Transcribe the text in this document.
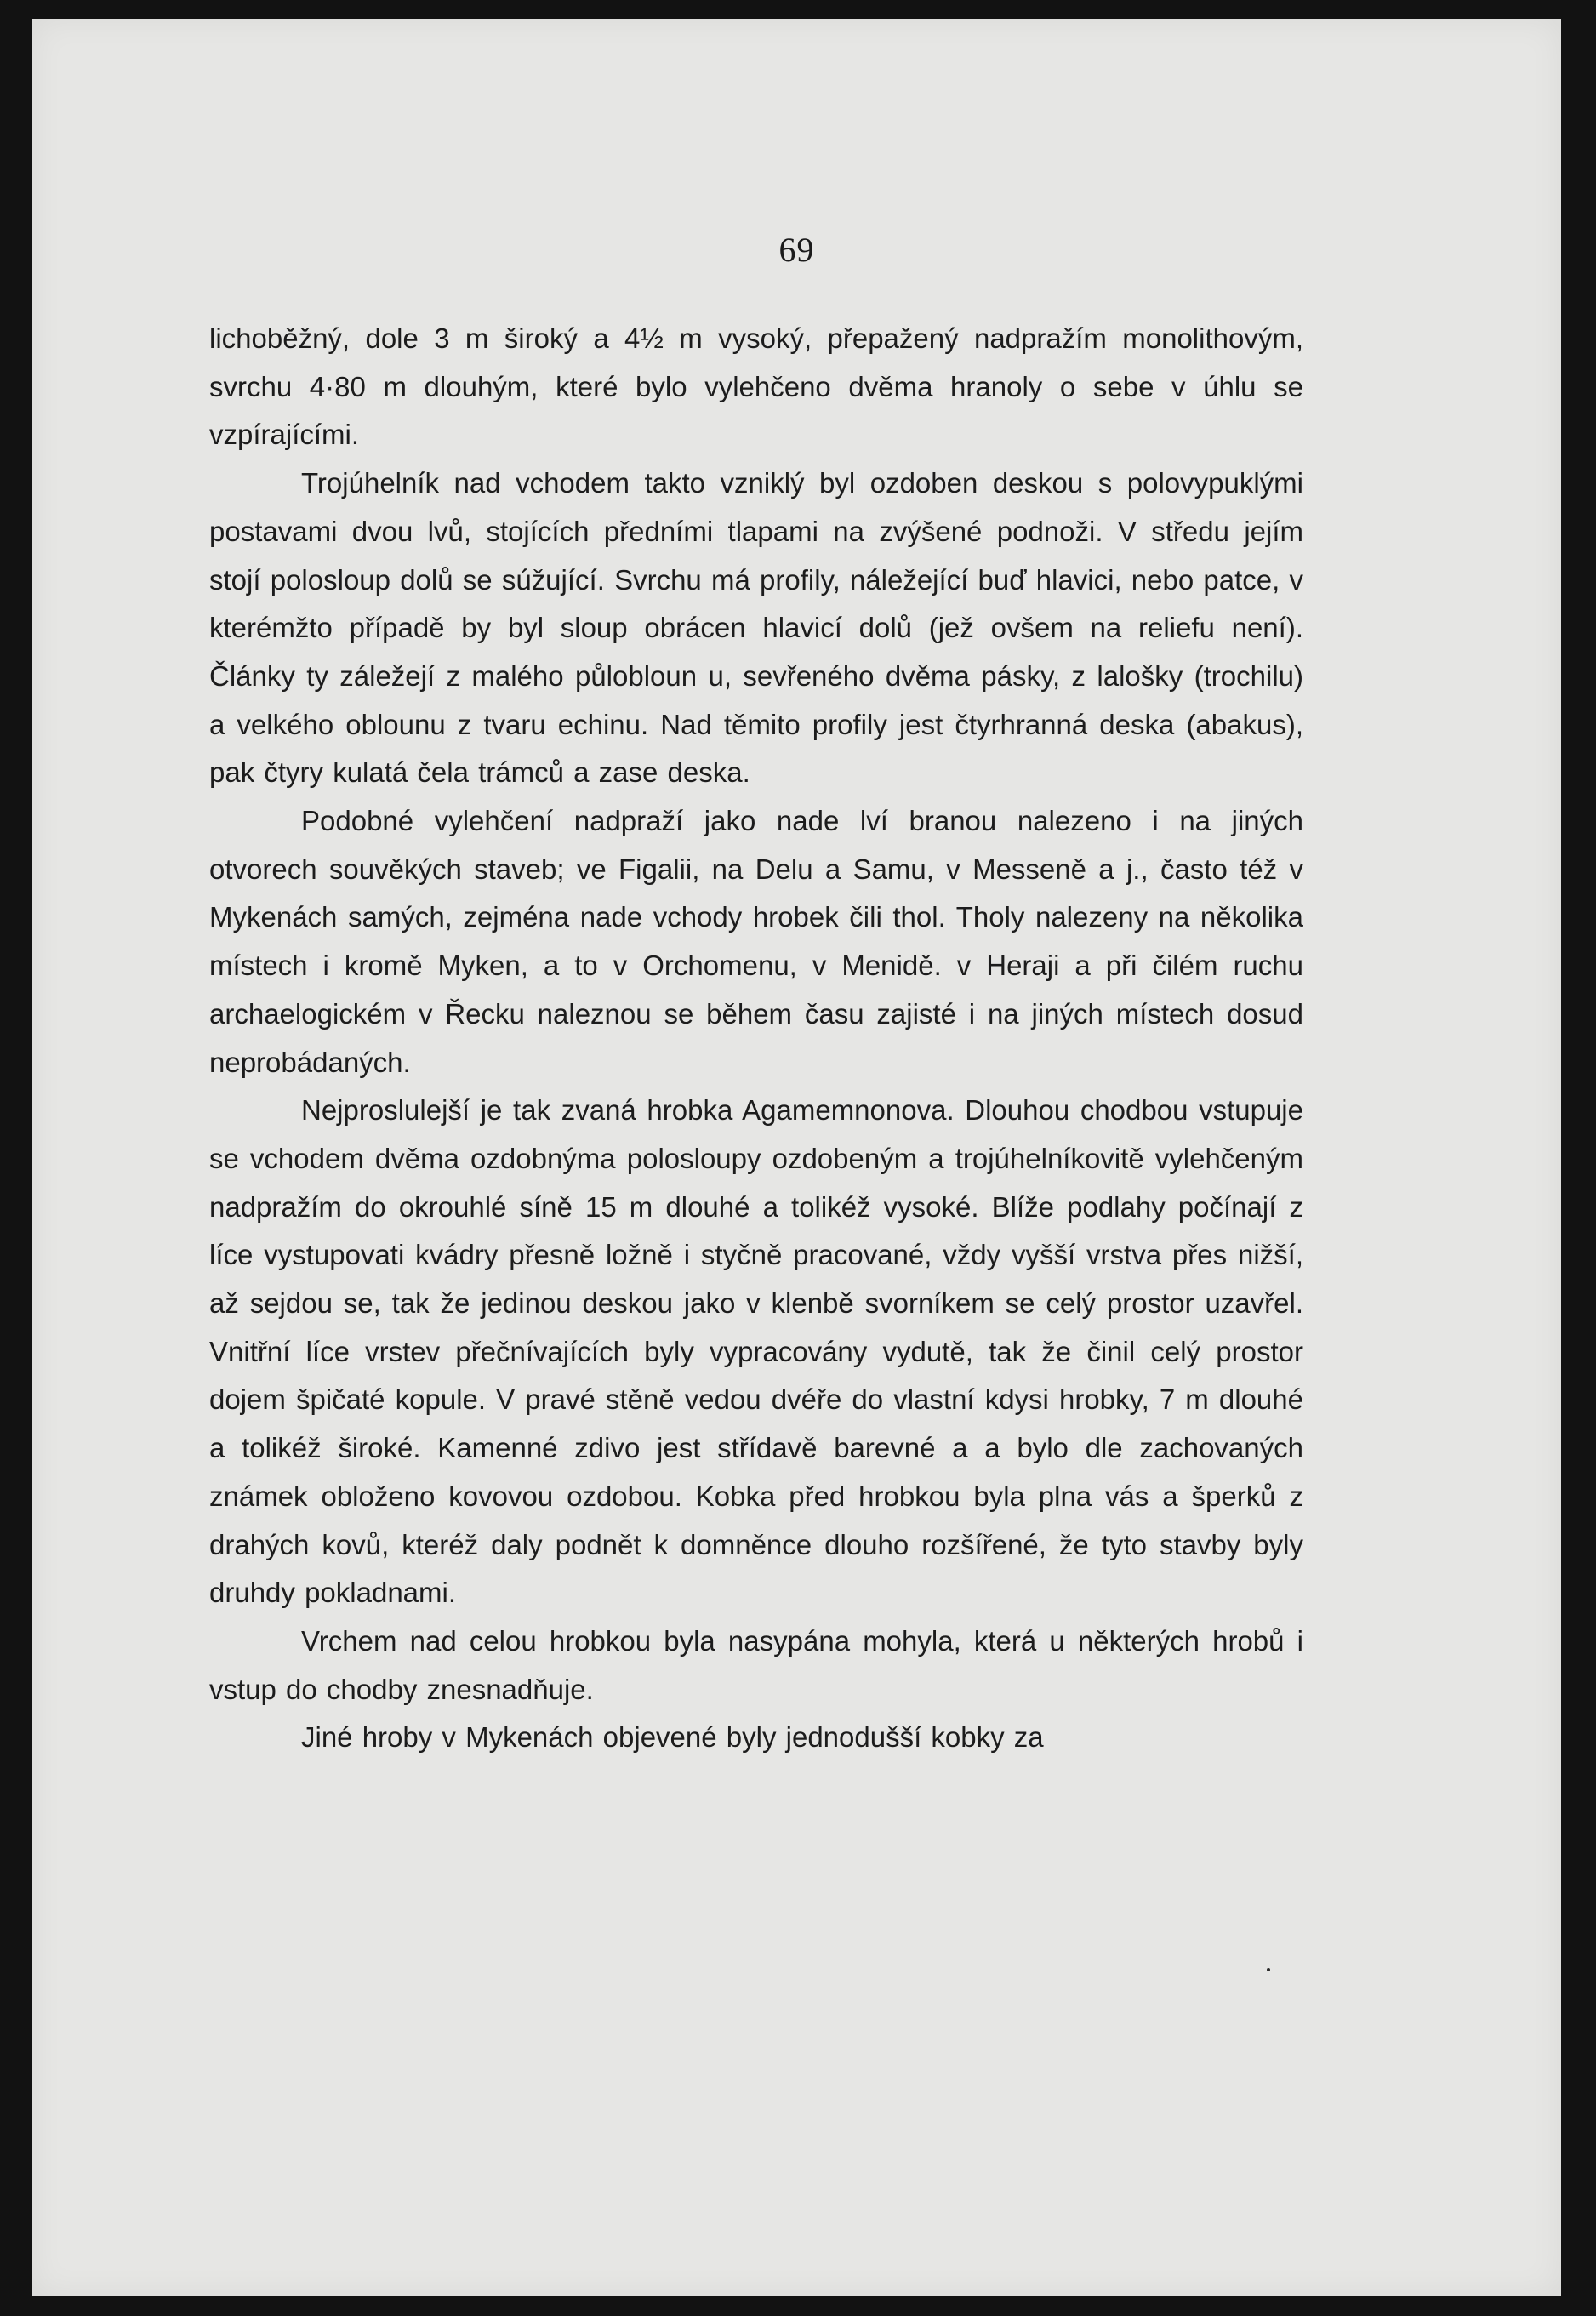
69

lichoběžný, dole 3 m široký a 4½ m vysoký, přepažený nadpražím monolithovým, svrchu 4·80 m dlouhým, které bylo vylehčeno dvěma hranoly o sebe v úhlu se vzpírajícími.

Trojúhelník nad vchodem takto vzniklý byl ozdoben deskou s polovypuklými postavami dvou lvů, stojících předními tlapami na zvýšené podnoži. V středu jejím stojí polosloup dolů se súžující. Svrchu má profily, náležející buď hlavici, nebo patce, v kterémžto případě by byl sloup obrácen hlavicí dolů (jež ovšem na reliefu není). Články ty záležejí z malého půlobloun u, sevřeného dvěma pásky, z lalošky (trochilu) a velkého oblounu z tvaru echinu. Nad těmito profily jest čtyrhranná deska (abakus), pak čtyry kulatá čela trámců a zase deska.

Podobné vylehčení nadpraží jako nade lví branou nalezeno i na jiných otvorech souvěkých staveb; ve Figalii, na Delu a Samu, v Messeně a j., často též v Mykenách samých, zejména nade vchody hrobek čili thol. Tholy nalezeny na několika místech i kromě Myken, a to v Orchomenu, v Menidě. v Heraji a při čilém ruchu archaelogickém v Řecku naleznou se během času zajisté i na jiných místech dosud neprobádaných.

Nejproslulejší je tak zvaná hrobka Agamemnonova. Dlouhou chodbou vstupuje se vchodem dvěma ozdobnýma polosloupy ozdobeným a trojúhelníkovitě vylehčeným nadpražím do okrouhlé síně 15 m dlouhé a tolikéž vysoké. Blíže podlahy počínají z líce vystupovati kvádry přesně ložně i styčně pracované, vždy vyšší vrstva přes nižší, až sejdou se, tak že jedinou deskou jako v klenbě svorníkem se celý prostor uzavřel. Vnitřní líce vrstev přečnívajících byly vypracovány vydutě, tak že činil celý prostor dojem špičaté kopule. V pravé stěně vedou dvéře do vlastní kdysi hrobky, 7 m dlouhé a tolikéž široké. Kamenné zdivo jest střídavě barevné a a bylo dle zachovaných známek obloženo kovovou ozdobou. Kobka před hrobkou byla plna vás a šperků z drahých kovů, kteréž daly podnět k domněnce dlouho rozšířené, že tyto stavby byly druhdy pokladnami.

Vrchem nad celou hrobkou byla nasypána mohyla, která u některých hrobů i vstup do chodby znesnadňuje.

Jiné hroby v Mykenách objevené byly jednodušší kobky za
